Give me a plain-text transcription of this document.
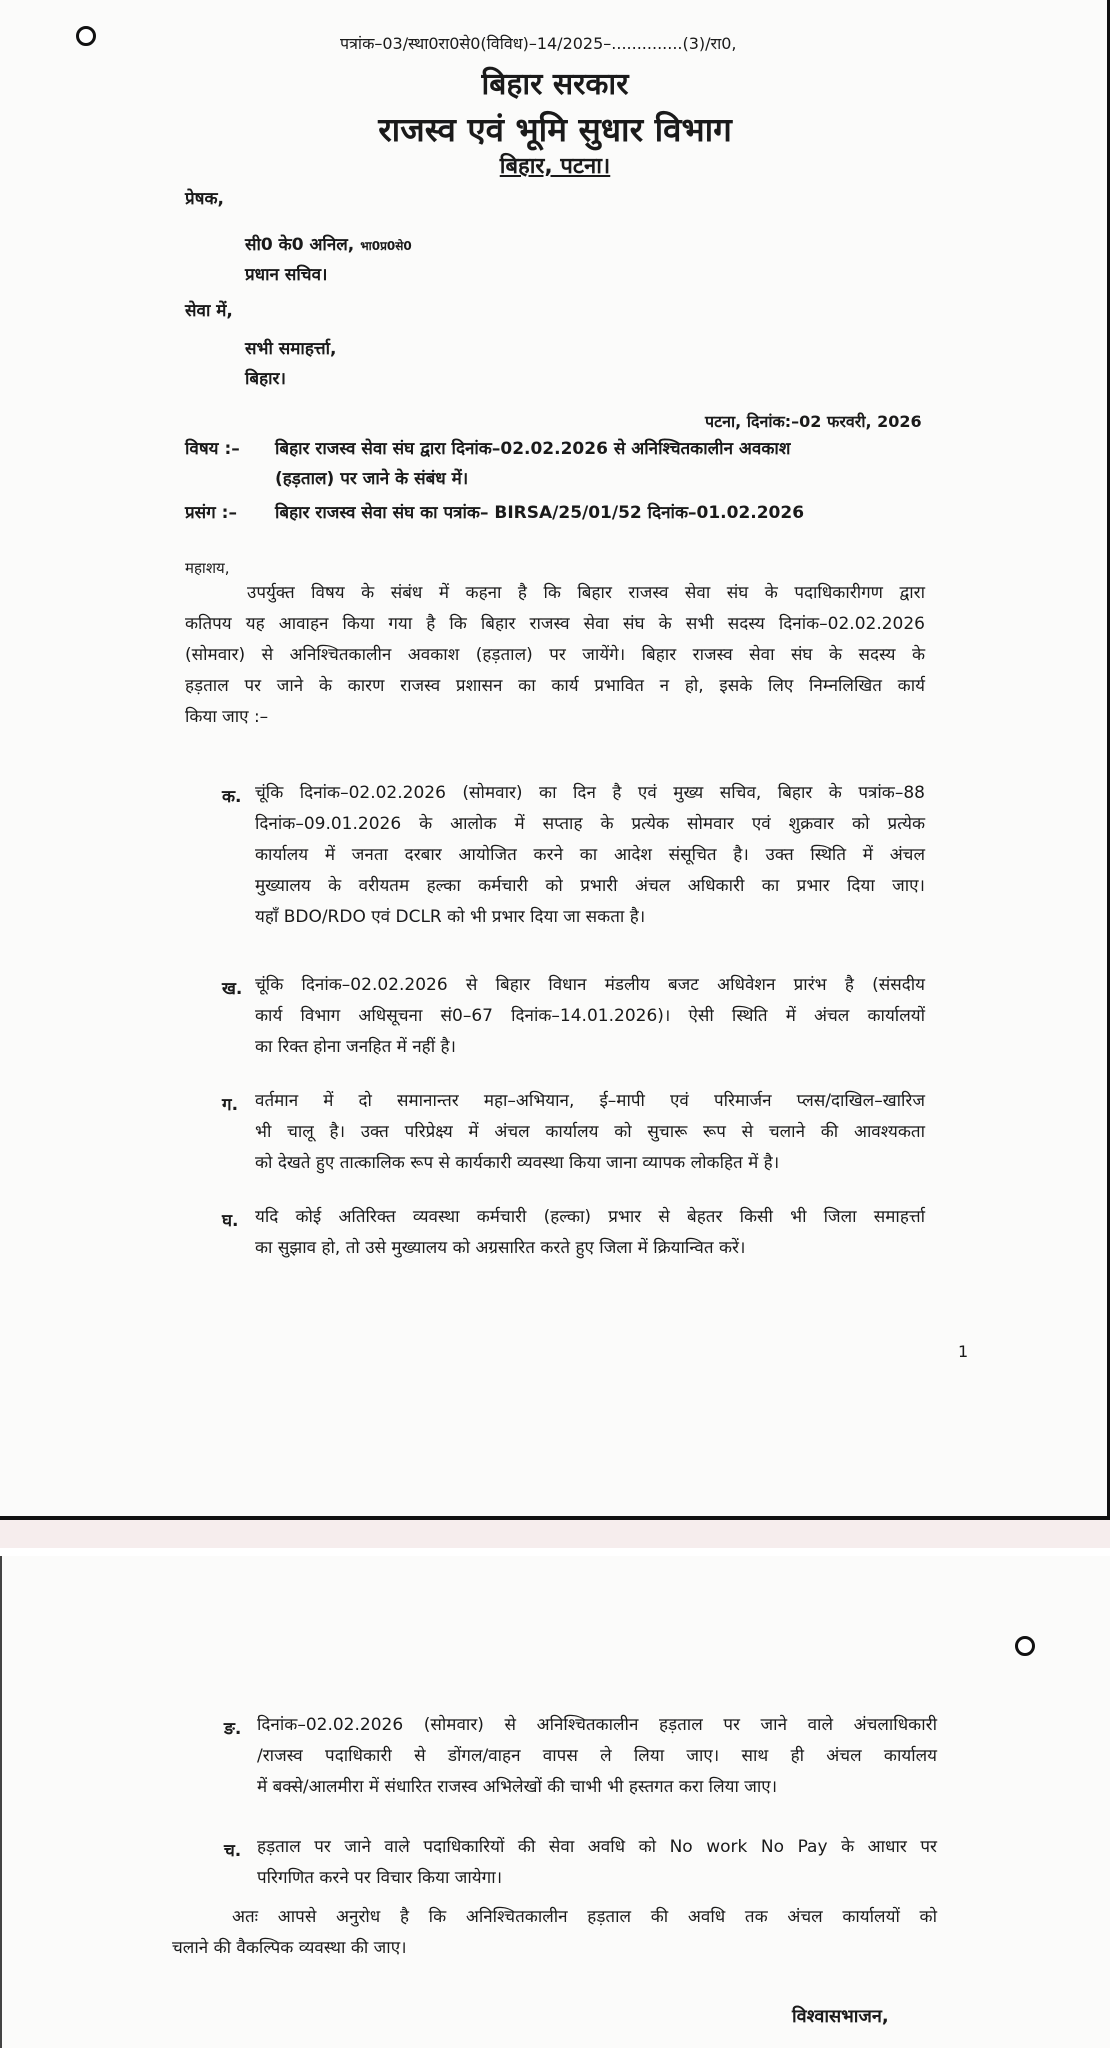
पत्रांक–03/स्था0रा0से0(विविध)–14/2025–..............(3)/रा0,
बिहार सरकार
राजस्व एवं भूमि सुधार विभाग
बिहार, पटना।
प्रेषक,
सी0 के0 अनिल, भा0प्र0से0
प्रधान सचिव।
सेवा में,
सभी समाहर्त्ता,
बिहार।
पटना, दिनांक:–02 फरवरी, 2026
विषय :– बिहार राजस्व सेवा संघ द्वारा दिनांक–02.02.2026 से अनिश्चितकालीन अवकाश
(हड़ताल) पर जाने के संबंध में।
प्रसंग :– बिहार राजस्व सेवा संघ का पत्रांक– BIRSA/25/01/52 दिनांक–01.02.2026
महाशय,
उपर्युक्त विषय के संबंध में कहना है कि बिहार राजस्व सेवा संघ के पदाधिकारीगण द्वारा
कतिपय यह आवाहन किया गया है कि बिहार राजस्व सेवा संघ के सभी सदस्य दिनांक–02.02.2026
(सोमवार) से अनिश्चितकालीन अवकाश (हड़ताल) पर जायेंगे। बिहार राजस्व सेवा संघ के सदस्य के
हड़ताल पर जाने के कारण राजस्व प्रशासन का कार्य प्रभावित न हो, इसके लिए निम्नलिखित कार्य
किया जाए :–
क. चूंकि दिनांक–02.02.2026 (सोमवार) का दिन है एवं मुख्य सचिव, बिहार के पत्रांक–88
दिनांक–09.01.2026 के आलोक में सप्ताह के प्रत्येक सोमवार एवं शुक्रवार को प्रत्येक
कार्यालय में जनता दरबार आयोजित करने का आदेश संसूचित है। उक्त स्थिति में अंचल
मुख्यालय के वरीयतम हल्का कर्मचारी को प्रभारी अंचल अधिकारी का प्रभार दिया जाए।
यहाँ BDO/RDO एवं DCLR को भी प्रभार दिया जा सकता है।
ख. चूंकि दिनांक–02.02.2026 से बिहार विधान मंडलीय बजट अधिवेशन प्रारंभ है (संसदीय
कार्य विभाग अधिसूचना सं0–67 दिनांक–14.01.2026)। ऐसी स्थिति में अंचल कार्यालयों
का रिक्त होना जनहित में नहीं है।
ग. वर्तमान में दो समानान्तर महा–अभियान, ई–मापी एवं परिमार्जन प्लस/दाखिल–खारिज
भी चालू है। उक्त परिप्रेक्ष्य में अंचल कार्यालय को सुचारू रूप से चलाने की आवश्यकता
को देखते हुए तात्कालिक रूप से कार्यकारी व्यवस्था किया जाना व्यापक लोकहित में है।
घ. यदि कोई अतिरिक्त व्यवस्था कर्मचारी (हल्का) प्रभार से बेहतर किसी भी जिला समाहर्त्ता
का सुझाव हो, तो उसे मुख्यालय को अग्रसारित करते हुए जिला में क्रियान्वित करें।
1
ङ. दिनांक–02.02.2026 (सोमवार) से अनिश्चितकालीन हड़ताल पर जाने वाले अंचलाधिकारी
/राजस्व पदाधिकारी से डोंगल/वाहन वापस ले लिया जाए। साथ ही अंचल कार्यालय
में बक्से/आलमीरा में संधारित राजस्व अभिलेखों की चाभी भी हस्तगत करा लिया जाए।
च. हड़ताल पर जाने वाले पदाधिकारियों की सेवा अवधि को No work No Pay के आधार पर
परिगणित करने पर विचार किया जायेगा।
अतः आपसे अनुरोध है कि अनिश्चितकालीन हड़ताल की अवधि तक अंचल कार्यालयों को
चलाने की वैकल्पिक व्यवस्था की जाए।
विश्वासभाजन,
